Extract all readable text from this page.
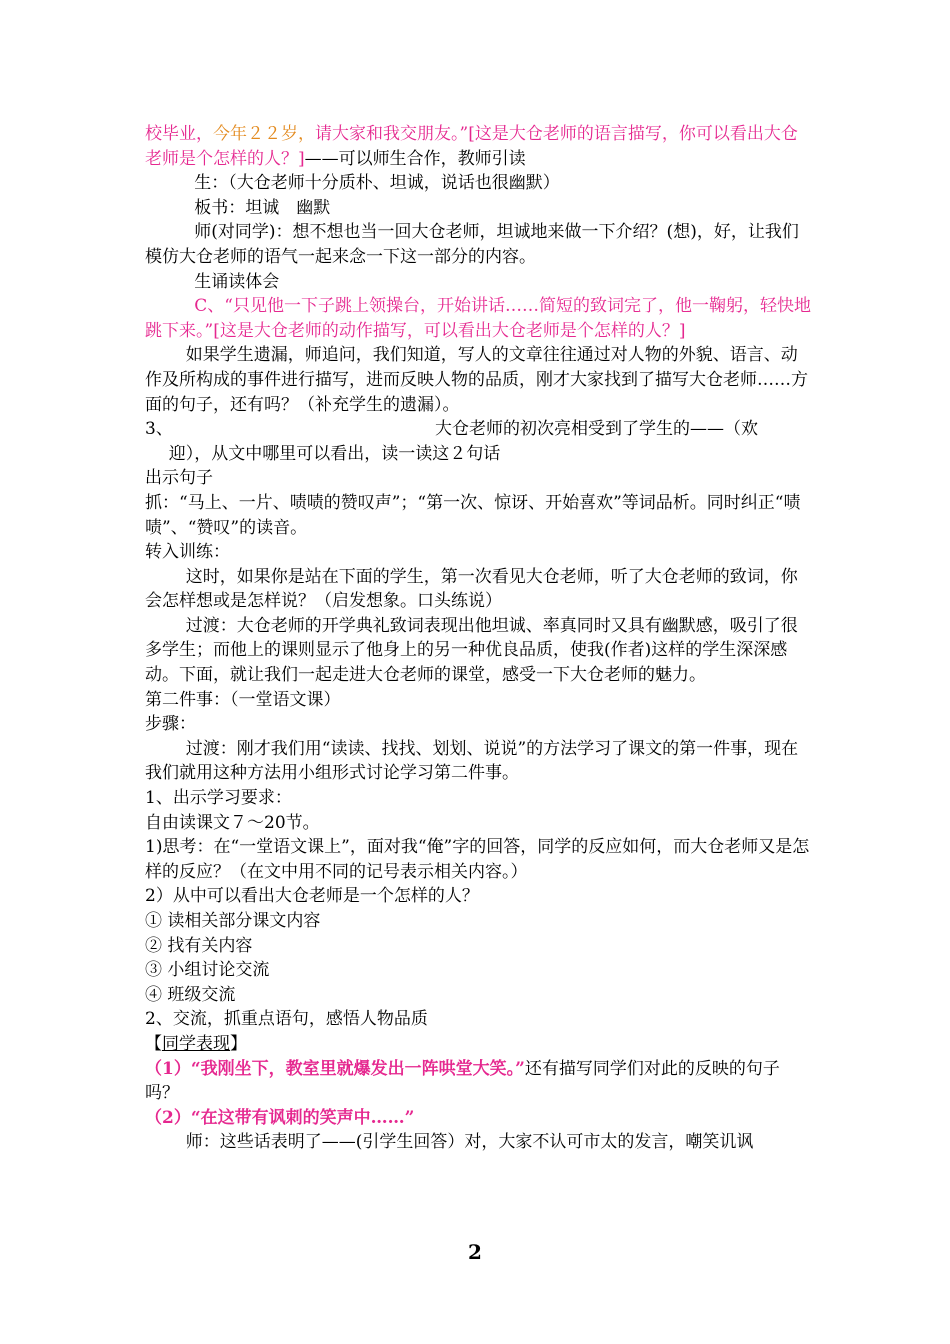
校毕业，今年２２岁，请大家和我交朋友。”[这是大仓老师的语言描写，你可以看出大仓老师是个怎样的人？]——可以师生合作，教师引读

生：（大仓老师十分质朴、坦诚，说话也很幽默）

板书：坦诚　幽默

师(对同学)：想不想也当一回大仓老师，坦诚地来做一下介绍？(想)，好，让我们模仿大仓老师的语气一起来念一下这一部分的内容。

生诵读体会

C、“只见他一下子跳上领操台，开始讲话……简短的致词完了，他一鞠躬，轻快地跳下来。”[这是大仓老师的动作描写，可以看出大仓老师是个怎样的人？]

如果学生遗漏，师追问，我们知道，写人的文章往往通过对人物的外貌、语言、动作及所构成的事件进行描写，进而反映人物的品质，刚才大家找到了描写大仓老师……方面的句子，还有吗？（补充学生的遗漏）。

3、	大仓老师的初次亮相受到了学生的——（欢

迎），从文中哪里可以看出，读一读这２句话

出示句子

抓：“马上、一片、啧啧的赞叹声”；“第一次、惊讶、开始喜欢”等词品析。同时纠正“啧啧”、“赞叹”的读音。

转入训练：

这时，如果你是站在下面的学生，第一次看见大仓老师，听了大仓老师的致词，你会怎样想或是怎样说？（启发想象。口头练说）

过渡：大仓老师的开学典礼致词表现出他坦诚、率真同时又具有幽默感，吸引了很多学生；而他上的课则显示了他身上的另一种优良品质，使我(作者)这样的学生深深感动。下面，就让我们一起走进大仓老师的课堂，感受一下大仓老师的魅力。

第二件事：（一堂语文课）

步骤：

过渡：刚才我们用“读读、找找、划划、说说”的方法学习了课文的第一件事，现在我们就用这种方法用小组形式讨论学习第二件事。

1、出示学习要求：

自由读课文７～20节。

1)思考：在“一堂语文课上”，面对我“俺”字的回答，同学的反应如何，而大仓老师又是怎样的反应？（在文中用不同的记号表示相关内容。）

2）从中可以看出大仓老师是一个怎样的人？

① 读相关部分课文内容

② 找有关内容

③ 小组讨论交流

④ 班级交流

2、交流，抓重点语句，感悟人物品质

【同学表现】

（1）“我刚坐下，教室里就爆发出一阵哄堂大笑。”还有描写同学们对此的反映的句子吗？

（2）“在这带有讽刺的笑声中……”

师：这些话表明了——(引学生回答）对，大家不认可市太的发言，嘲笑讥讽

2
